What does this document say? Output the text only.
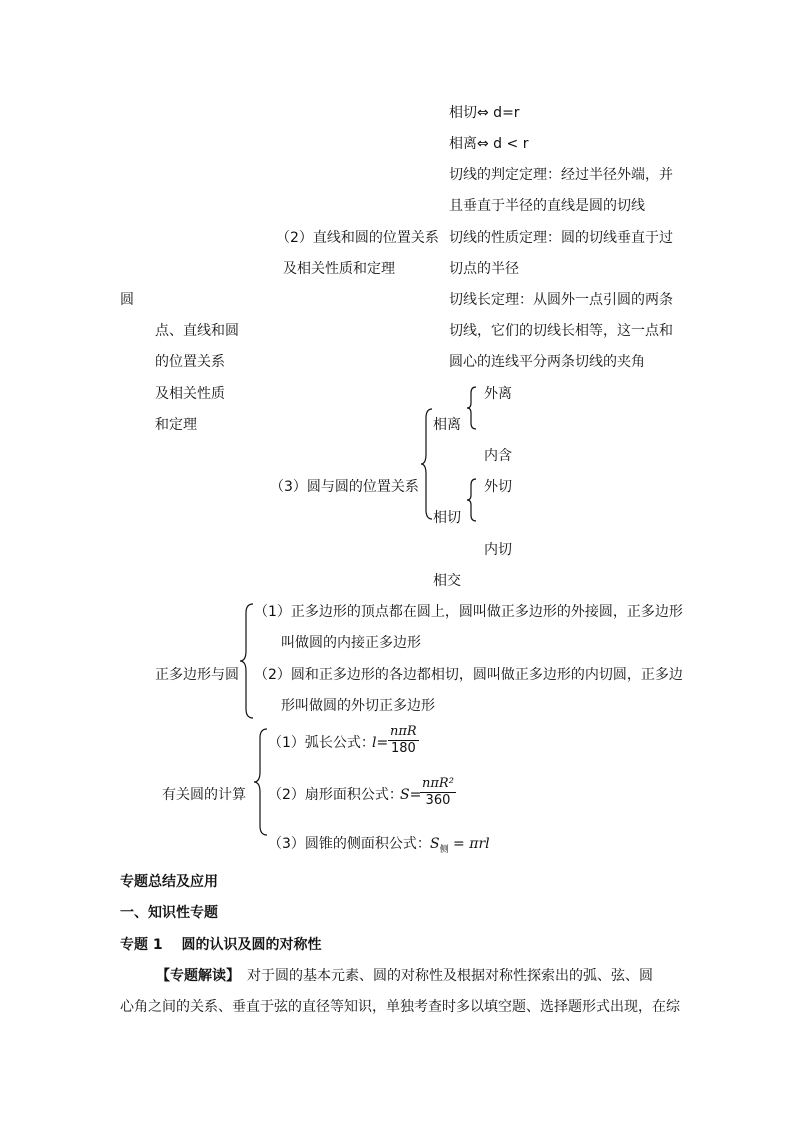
相切⇔ d=r
相离⇔ d < r
切线的判定定理：经过半径外端，并
且垂直于半径的直线是圆的切线
切线的性质定理：圆的切线垂直于过
切点的半径
切线长定理：从圆外一点引圆的两条
切线，它们的切线长相等，这一点和
圆心的连线平分两条切线的夹角
（2）直线和圆的位置关系
及相关性质和定理
圆
点、直线和圆
的位置关系
及相关性质
和定理
（3）圆与圆的位置关系
相离
外离
内含
相切
外切
内切
相交
正多边形与圆
（1）正多边形的顶点都在圆上，圆叫做正多边形的外接圆，正多边形
叫做圆的内接正多边形
（2）圆和正多边形的各边都相切，圆叫做正多边形的内切圆，正多边
形叫做圆的外切正多边形
有关圆的计算
（1）弧长公式：
l=
nπR
180
（2）扇形面积公式：
S=
nπR²
360
（3）圆锥的侧面积公式： $S_侧 = \pi rl$
专题总结及应用
一、知识性专题
专题 1　 圆的认识及圆的对称性
【专题解读】　对于圆的基本元素、圆的对称性及根据对称性探索出的弧、弦、圆
心角之间的关系、垂直于弦的直径等知识，单独考查时多以填空题、选择题形式出现，在综
